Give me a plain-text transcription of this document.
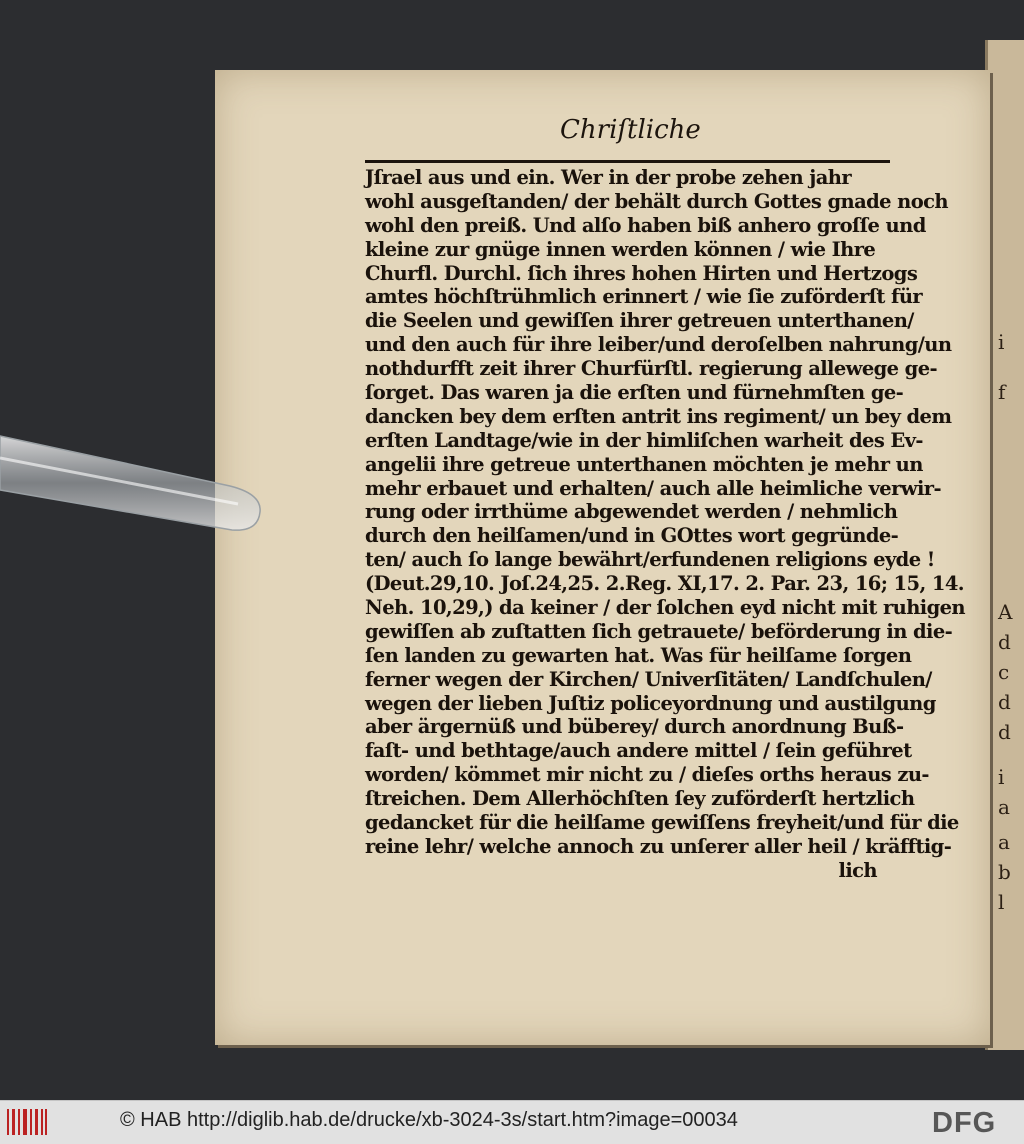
i
f
A
d
c
d
d
i
a
a
b
l
Chriſtliche
Jſrael aus und ein. Wer in der probe zehen jahr
wohl ausgeſtanden/ der behält durch Gottes gnade noch
wohl den preiß. Und alſo haben biß anhero groſſe und
kleine zur gnüge innen werden können / wie Ihre
Churfl. Durchl. ſich ihres hohen Hirten und Hertzogs
amtes höchſtrühmlich erinnert / wie ſie zuförderſt für
die Seelen und gewiſſen ihrer getreuen unterthanen/
und den auch für ihre leiber/und deroſelben nahrung/un
nothdurfft zeit ihrer Churfürſtl. regierung allewege ge-
ſorget. Das waren ja die erſten und fürnehmſten ge-
dancken bey dem erſten antrit ins regiment/ un bey dem
erſten Landtage/wie in der himliſchen warheit des Ev-
angelii ihre getreue unterthanen möchten je mehr un
mehr erbauet und erhalten/ auch alle heimliche verwir-
rung oder irrthüme abgewendet werden / nehmlich
durch den heilſamen/und in GOttes wort gegründe-
ten/ auch ſo lange bewährt/erfundenen religions eyde !
(Deut.29,10. Joſ.24,25. 2.Reg. XI,17. 2. Par. 23, 16; 15, 14.
Neh. 10,29,) da keiner / der ſolchen eyd nicht mit ruhigen
gewiſſen ab zuſtatten ſich getrauete/ beförderung in die-
ſen landen zu gewarten hat. Was für heilſame ſorgen
ferner wegen der Kirchen/ Univerſitäten/ Landſchulen/
wegen der lieben Juſtiz policeyordnung und austilgung
aber ärgernüß und büberey/ durch anordnung Buß-
faſt- und bethtage/auch andere mittel / ſein geführet
worden/ kömmet mir nicht zu / dieſes orths heraus zu-
ſtreichen. Dem Allerhöchſten ſey zuförderſt hertzlich
gedancket für die heilſame gewiſſens freyheit/und für die
reine lehr/ welche annoch zu unſerer aller heil / kräfftig-
lich
© HAB http://diglib.hab.de/drucke/xb-3024-3s/start.htm?image=00034	DFG
